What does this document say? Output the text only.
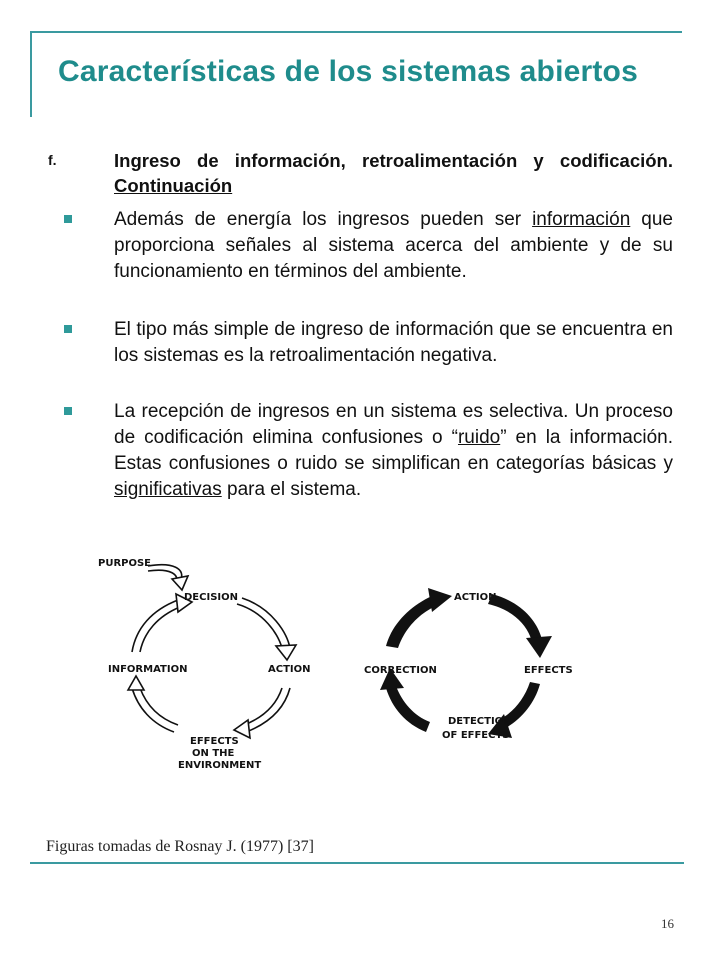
Características de los sistemas abiertos
f.	Ingreso de información, retroalimentación y codificación. Continuación
Además de energía los ingresos pueden ser información que proporciona señales al sistema acerca del ambiente y de su funcionamiento en términos del ambiente.
El tipo más simple de ingreso de información que se encuentra en los sistemas es la retroalimentación negativa.
La recepción de ingresos en un sistema es selectiva. Un proceso de codificación elimina confusiones o “ruido” en la información. Estas confusiones o ruido se simplifican en categorías básicas y significativas para el sistema.
PURPOSE
DECISION
ACTION
INFORMATION
EFFECTS
ON THE
ENVIRONMENT
ACTION
EFFECTS
DETECTION
OF EFFECTS
CORRECTION
Figuras tomadas de Rosnay J. (1977) [37]
16
